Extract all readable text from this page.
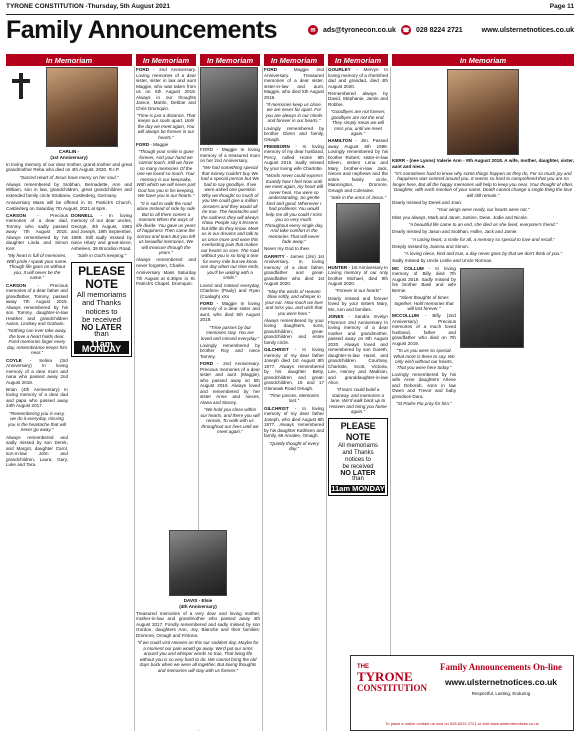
TYRONE CONSTITUTION -Thursday, 5th August 2021	Page 11
Family Announcements	✉	ads@tyronecon.co.uk ☎ 028 8224 2721	www.ulsternetnotices.co.uk
In Memoriam	In Memoriam	In Memoriam	In Memoriam	In Memoriam	In Memoriam

CARLIN -
(1st Anniversary)

In loving memory of our dear mother, grand-mother and great grandmother Reba who died on 4th August, 2020. R.I.P.

"Sacred Heart of Jesus have mercy on her soul."

Always remembered by Siobhan, Bernadette, Ann and William, son in law, grandchildren, great grandchildren and extended family circle Strabane, Castlederg, Germany.

Anniversary Mass will be offered in St. Patrick's Church, Castlederg on Saturday 7th August, 2021 at 6pm.

CARSON - Precious memories of a dear dad, Tommy who sadly passed away 7th August 2015. Always remembered by his daughter Linda and Simon Kerr.

"My heart is full of memories, With pride I speak your name. Though life goes on without you, It will never be the same."

CARSON - Precious memories of a dear father and grandfather, Tommy, passed away 7th August 2015. Always remembered by his son Tommy, daughter-in-law Heather and grandchildren Aaron, Lindsey and Graham.

"Nothing can ever take away, the love a heart holds dear. Fond memories linger every day, remembrance keeps him near."

COYLE - Selina (3rd Anniversary) In loving memory of a dear mum and nana who passed away 2nd August 2018.

Brian (4th Anniversary) In loving memory of a dear dad and papa who passed away 24th August 2017.

"Remembering you is easy, we do it everyday, missing you is the heartache that will never go away."

Always remembered and sadly missed by son Derek, and Margot, daughter Carol, son-in-law John and grandchildren, Laura, Gary, Luke and Tara.

DONNELL - In loving memory of our dear uncles, George, 4th August, 1983 and Joseph, 19th September, 1989. Still sadly missed by niece Hilary and great-niece, Asheleen, 39 Brocklion Road.

"Safe in God's keeping."

PLEASE
NOTE
All memoriams
and Thanks
notices to
be received
NO LATER
than
11am MONDAY

FORD - 2nd Anniversary. Loving memories of a dear sister, sister in law and aunt Maggie, who was taken from us on 5th August 2019. Always in our thoughts Janice, Martin, Debbie and Chris Drumquin.

"Time is just a distance, That keeps our souls apart. Until the day we meet again, You will always be forever in our hearts."

FORD - Maggie

"Though your smile is gone forever, And your hand we cannot touch. Still we have so many memories Of the one we loved so much. Your memory is our keepsake, With which we will never part God has you in his keeping, We have you in our hearts."

"It is sad to walk the road alone Instead of side by side But to all there comes a moment When the ways of life divide. You gave us years of happiness Then came the sorrow and tears But you left us beautiful memories, We will treasure through the years."

Always remembered and never forgotten, Charlie.

Anniversary Mass Saturday 7th August at 6.30pm in St. Patrick's Chapel, Drumquin.

DAVIS - Elsie
(4th Anniversary)

Treasured memories of a very dear and loving mother, mother-in-law and grandmother who passed away 4th August 2017. Fondly remembered and sadly missed by son Gordon, daughters Ann, Joy, Blanche and their families: Dromore, Omagh and Fintona.

"If we could visit Heaven on this our saddest day, Maybe for a moment our pain would go away. We'd put our arms around you and whisper words so true, That living life without you is so very hard to do. We cannot bring the old days back when we were all together, But loving thoughts and memories will stay with us forever."

FORD - Maggie In loving memory of a treasured mum on her 2nd Anniversary.

"We had something special that money couldn't buy We had a special person but We had to say goodbye. If we were asked one question Why we thought so much of you We could give a million answers and they would all be true. The heartache and the sadness they will always show. People say it lessens but little do they know. Meet us in our dreams and talk to us once more and ease this everlasting pain that makes our hearts so sore. The road without you is so long a tear for every mile but we know one day when our time ends, you'll be waiting with a smile."

Loved and missed everyday, Charlene (Pauly) and Ryan (Coalagh) xXx

FORD - Maggie In loving memory of a dear sister and aunt, who died 5th August 2019.

"Time passes by but memories stay. You are loved and missed everyday."

Lovingly remembered by brother Roy and niece Tammy.

FORD - 2nd Anniversary. Precious memories of a dear sister and aunt (Maggie), who passed away on 5th August 2019. Always loved and remembered by her sister Anne and nieces, Alana and Stacey.

"We hold you close within our hearts, and there you will remain, To walk with us throughout our lives until we meet again."

FORD - Maggie 2nd Anniversary. Treasured memories of a dear sister, sister-in-law and aunt, Maggie, who died 5th August 2019.

"If memories keep us close, we are never far apart. For you are always in our minds and forever in our hearts."

Lovingly remembered by brother Glenn and family, Omagh.

FREEBORN - In loving memory of my dear husband, Percy, called Home 6th August 2015. Sadly missed by your loving wife Charlotte.

"Words never could express Exactly how I feel Now until we meet again, my heart will never heal. You were so understanding, So gentle kind and good, Whenever I had problems You would help me all you could I miss you so very much. Throughout every single day, And take comfort in the memories That will never fade away."

Never my God to thee.

GARRITY - James (Jim) 1st Anniversary. In loving memory of a dear father, grandfather and great-grandfather who died 1st August 2020.

"May the winds of Heaven blow softly, and whisper in your ear. How much we love and miss you, and wish that you were here."

Always remembered by your loving daughters, sons, grandchildren, great-grandchildren and entire family circle.

GILCHRIST - In loving memory of my dear father Joseph died 1st August 8th 1977. Always remembered by his daughter Betty, grandchildren and great-grandchildren, 15 and 17 Gleneask Road Omagh.

"Time passes, Memories last."

GILCHRIST - In loving memory of my dear father Joseph, who died August 8th 1977. Always remembered by his daughter Kathleen and family, 69 Arvalee, Omagh.

"Quietly thought of every day."

GOURLEY - Mervyn In loving memory of a cherished dad and grandad, died 4th August 2020.

Remembered always by David, Stephanie, Jamie and Robbie.

"Goodbyes are not forever, goodbyes are not the end. They simply mean we will miss you, until we meet again."

HAMILTON - Jim. Passed away August 6th 1998. Lovingly remembered by his brother Robert, sister-in-law Eileen, sisters Lena and Mary, brother-in-law Jack, nieces and nephews and the entire family circle, Mannington, Dromore, Omagh and Coleraine.

"Safe in the arms of Jesus."

HUNTER - 1st Anniversary In Loving memory of our only brother Michael, died 9th August 2020.

"Forever in our hearts"

Dearly missed and forever loved by your sisters Mary, Mo, Ann and families.

JONES - Sandra Evelyn Florence 2nd Anniversary In loving memory of a dear mother and grandmother, passed away on 6th August 2020. Always loved and remembered by son Gareth, daughter-in-law Hazel, and grandchildren Courtney, Charlotte, Scott, Victoria, Lee, Harvey and Madison, and granddaughter-in-law Alice.

"If tears could build a stairway, and memories a lane, We'd walk back up to Heaven and bring you home again."

PLEASE NOTE
All memoriams
and Thanks
notices to
be received
NO LATER
than
11am MONDAY

KERR - (nee Lyons) Valerie Ann - 9th August 2018. A wife, mother, daughter, sister, aunt and niece.

"It's sometimes hard to know why some things happen as they do, For so much joy and happiness was centred around you. It seems so hard to comprehend that you are no longer here, But all the happy memories will help to keep you near. Your thought of often, Daughter, with each mention of your name. Death cannot change a single thing the love will still remain."

Dearly missed by Derek and Joan.

"Your wings were ready, our hearts were not."

Miss you always, Mark and Janet, Justine, Dean, Jodie and Nicole.

"A beautiful life came to an end, she died as she lived, everyone's friend."

Dearly missed by Jason and Siobhan, Hollie, Jack and Jamie.

"A caring heart, a smile for all, a memory so special to love and recall."

Deeply missed by Joanna and Simon.

"A loving niece, kind and true, a day never goes by that we don't think of you."

Sadly missed by Uncle Leslie and Uncle Norman.

MC COLLUM - In loving memory of Billy died 7th August 2019. Sadly missed by his brother Basil and wife Bernie.

"Silent thoughts of times together. Hold memories that will last forever."

MCCOLLUM - Billy (2nd Anniversary) Precious memories of a much loved husband, father and grandfather who died on 7th August 2019.

"To us you were so special. What more is there to say. We only wish without our hearts, That you were here today."

Lovingly remembered by his wife Anne daughters Arlene and Deborah, sons in law Owen and Trevor and baby grandson Dara.

"St Padre Pio pray for him."

THE
TYRONE
CONSTITUTION
Family Announcements On-line
www.ulsternetnotices.co.uk
Respectful, Lasting, Enduring
To place a notice contact us now on 028 8224 2721 or visit www.ulsternetnotices.co.uk
